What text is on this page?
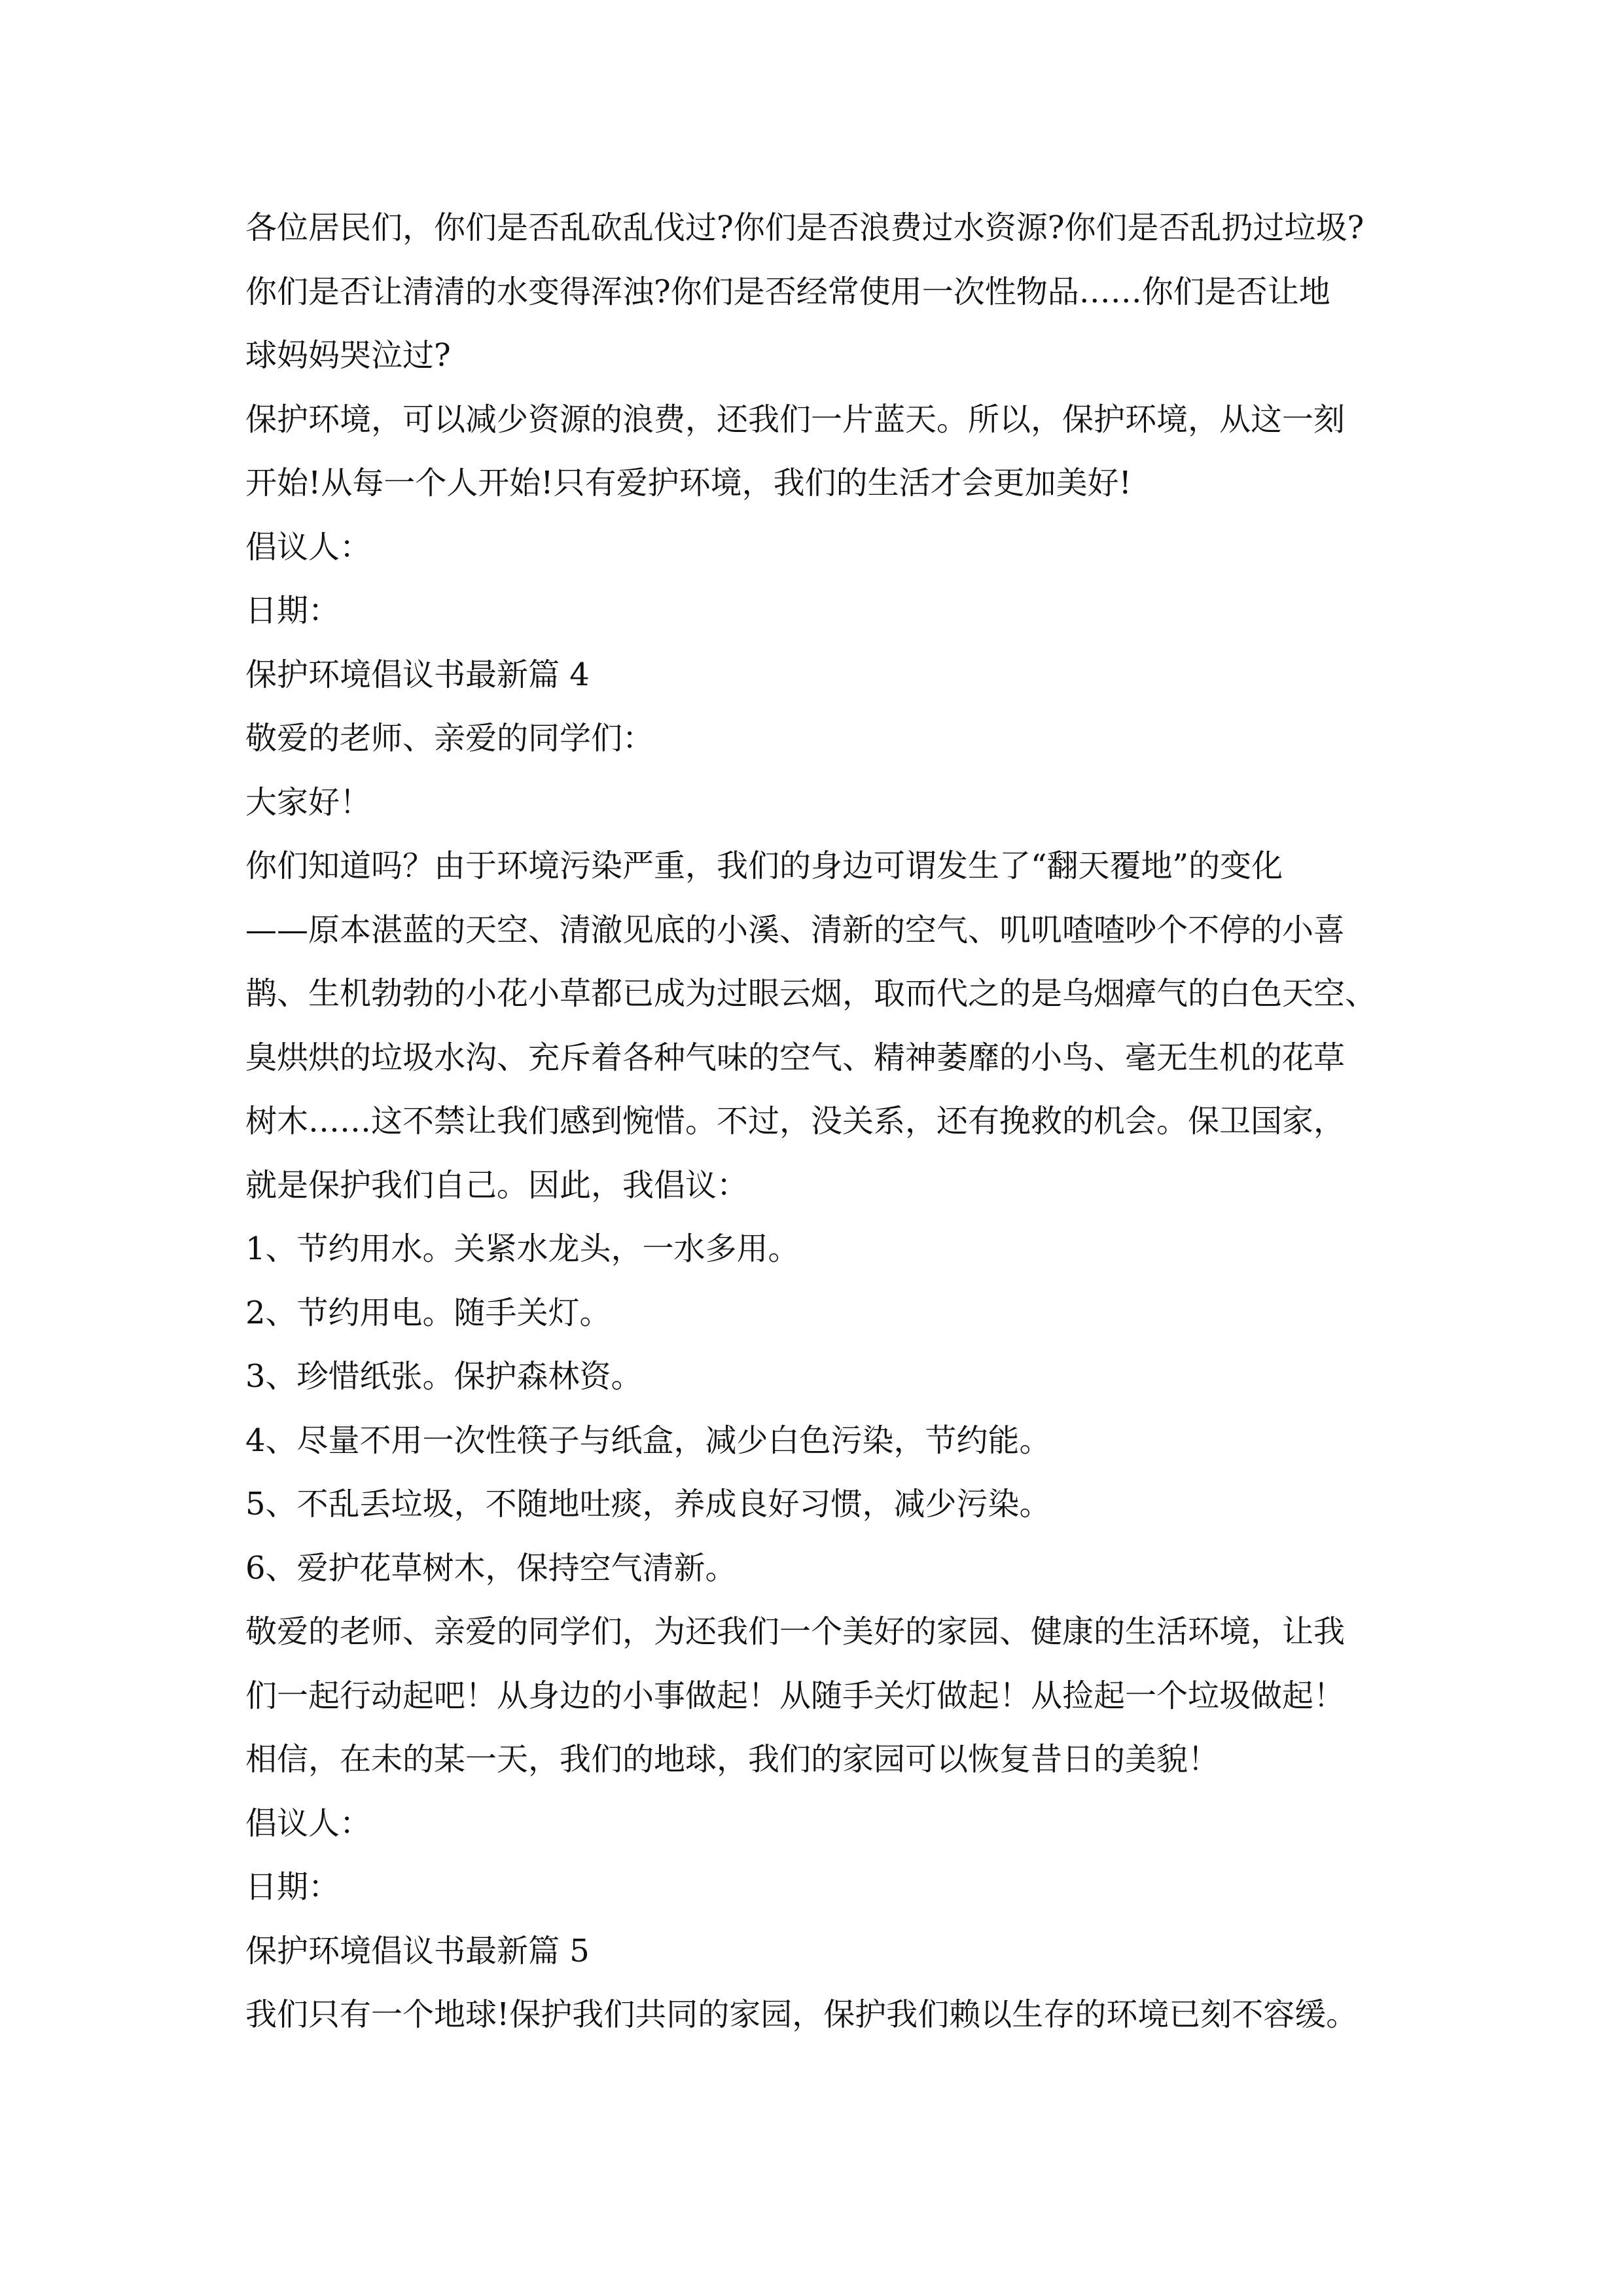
各位居民们，你们是否乱砍乱伐过?你们是否浪费过水资源?你们是否乱扔过垃圾?

你们是否让清清的水变得浑浊?你们是否经常使用一次性物品……你们是否让地

球妈妈哭泣过?

保护环境，可以减少资源的浪费，还我们一片蓝天。所以，保护环境，从这一刻

开始!从每一个人开始!只有爱护环境，我们的生活才会更加美好!

倡议人：

日期：

保护环境倡议书最新篇 4

敬爱的老师、亲爱的同学们：

大家好！

你们知道吗？由于环境污染严重，我们的身边可谓发生了“翻天覆地”的变化

——原本湛蓝的天空、清澈见底的小溪、清新的空气、叽叽喳喳吵个不停的小喜

鹊、生机勃勃的小花小草都已成为过眼云烟，取而代之的是乌烟瘴气的白色天空、

臭烘烘的垃圾水沟、充斥着各种气味的空气、精神萎靡的小鸟、毫无生机的花草

树木……这不禁让我们感到惋惜。不过，没关系，还有挽救的机会。保卫国家，

就是保护我们自己。因此，我倡议：

1、节约用水。关紧水龙头，一水多用。

2、节约用电。随手关灯。

3、珍惜纸张。保护森林资。

4、尽量不用一次性筷子与纸盒，减少白色污染，节约能。

5、不乱丢垃圾，不随地吐痰，养成良好习惯，减少污染。

6、爱护花草树木，保持空气清新。

敬爱的老师、亲爱的同学们，为还我们一个美好的家园、健康的生活环境，让我

们一起行动起吧！从身边的小事做起！从随手关灯做起！从捡起一个垃圾做起！

相信，在未的某一天，我们的地球，我们的家园可以恢复昔日的美貌！

倡议人：

日期：

保护环境倡议书最新篇 5

我们只有一个地球!保护我们共同的家园，保护我们赖以生存的环境已刻不容缓。
